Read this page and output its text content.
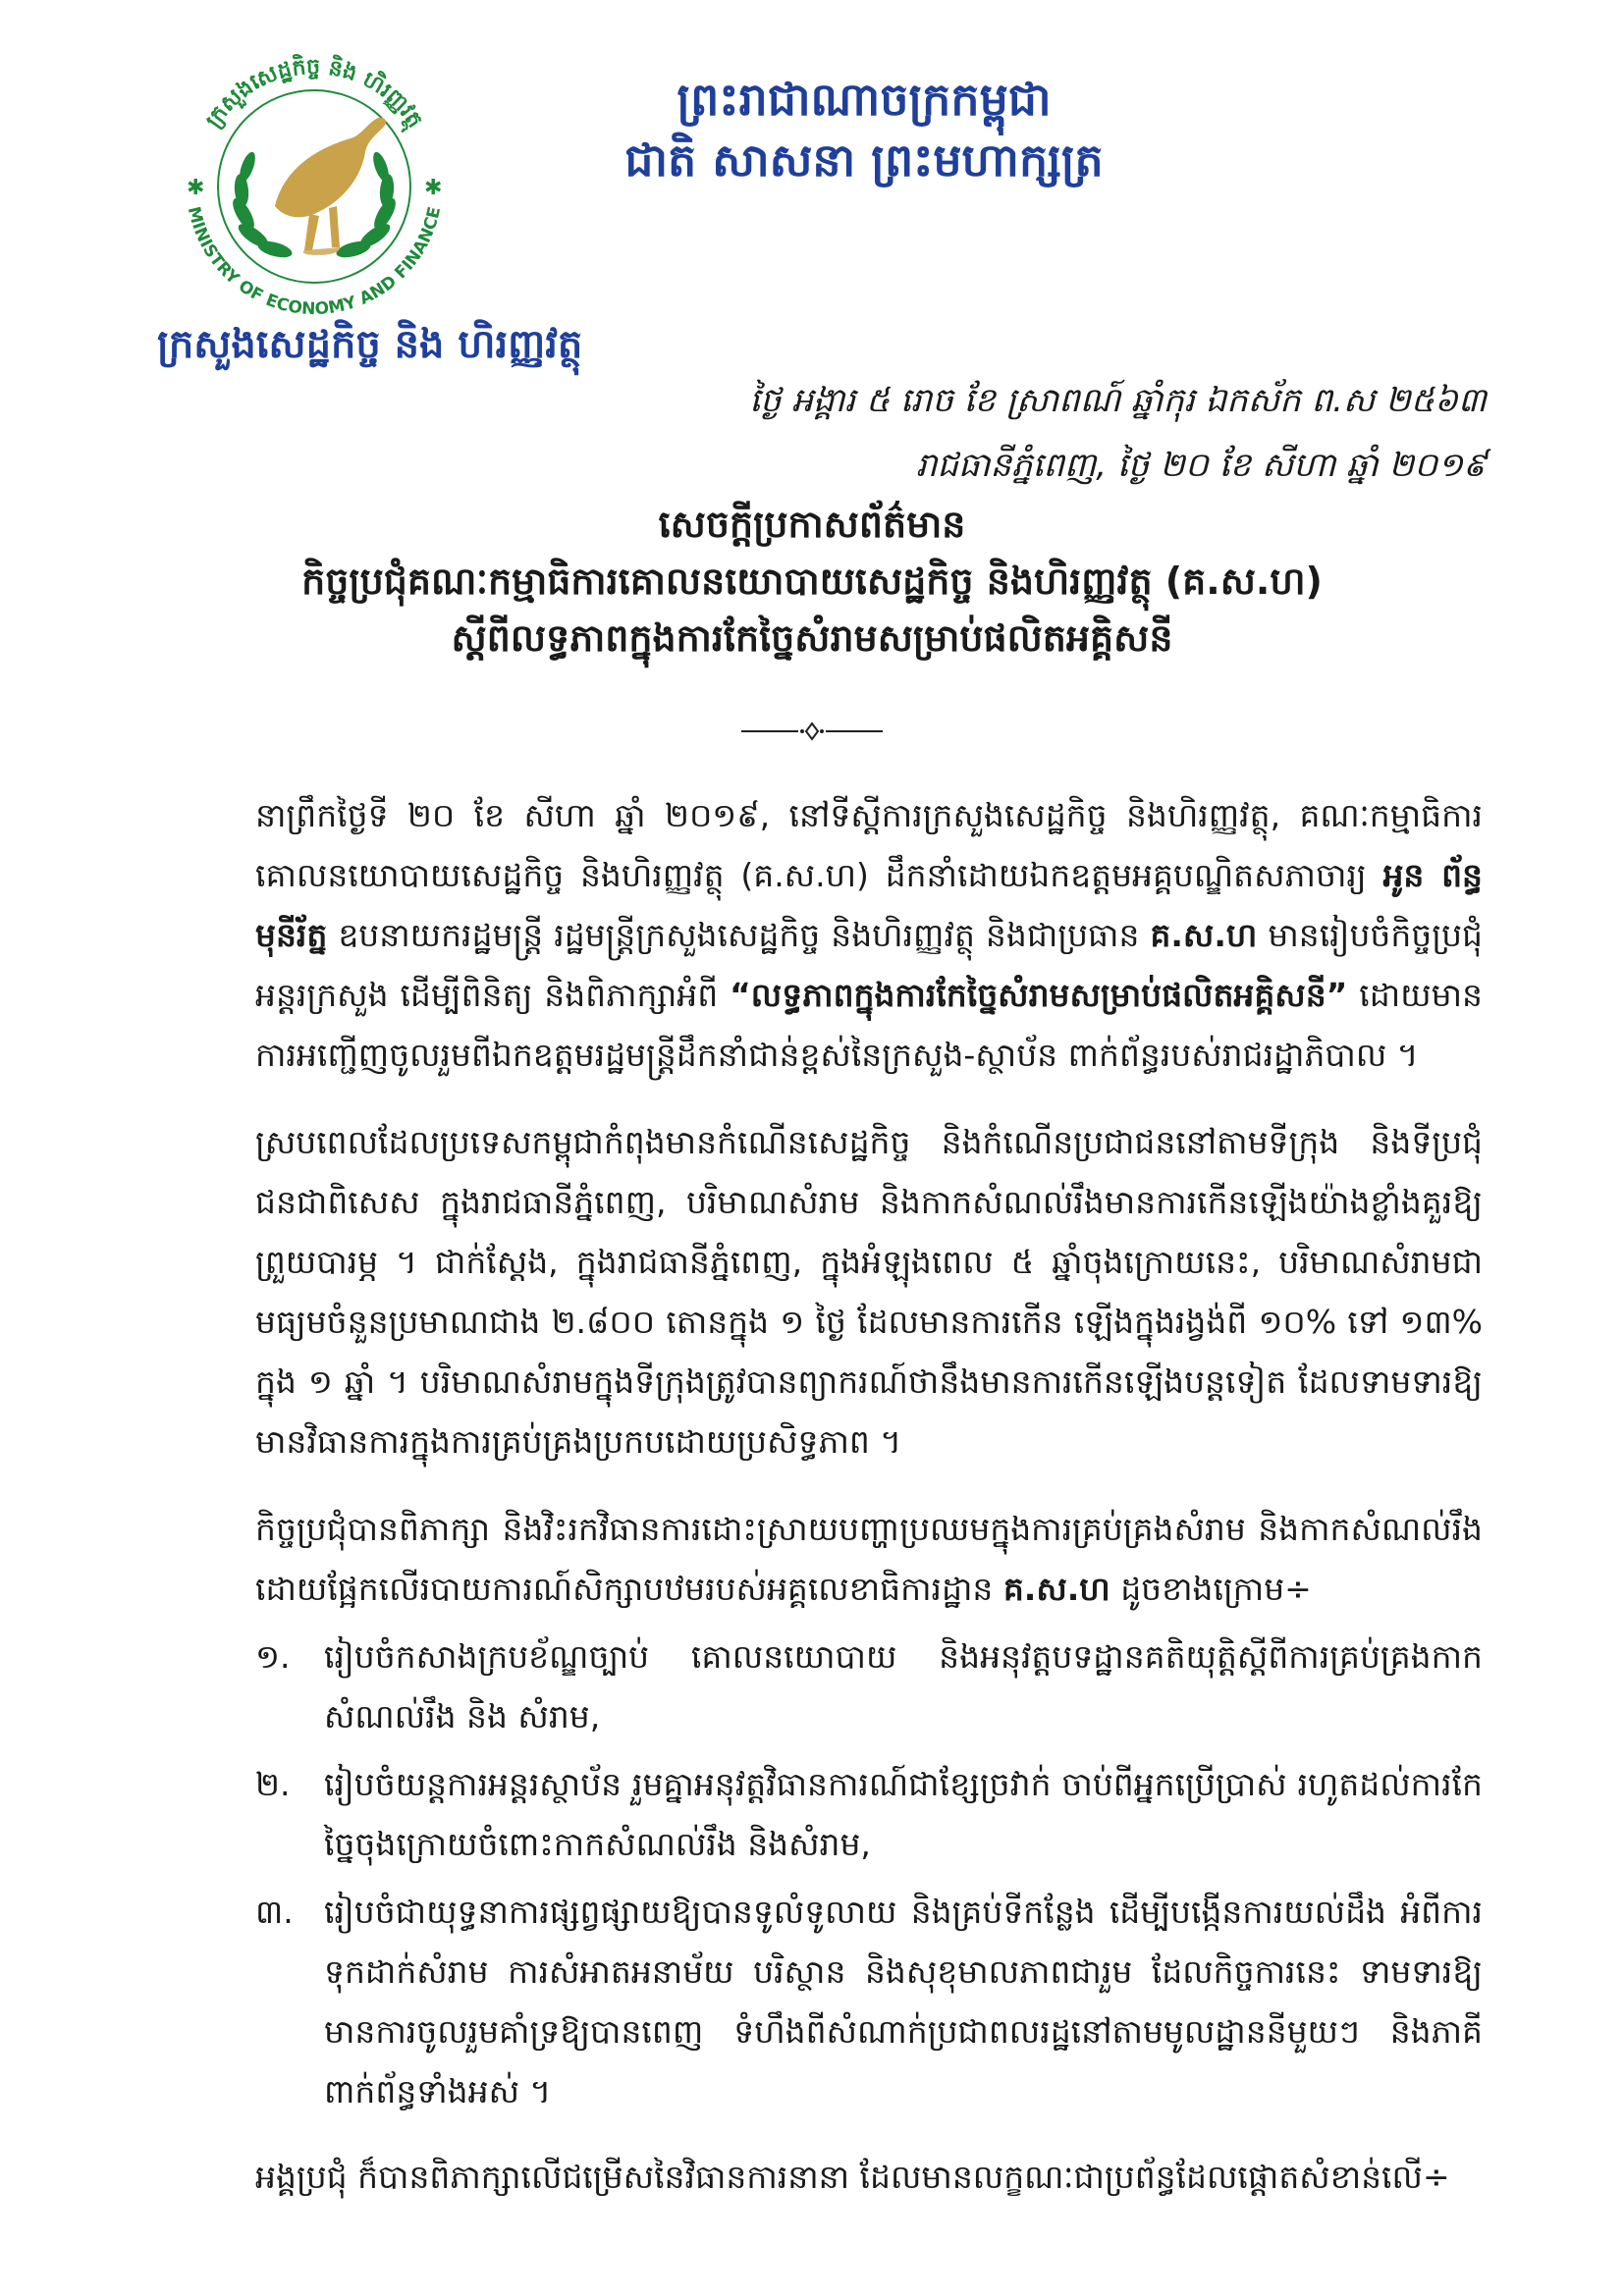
ក្រសួងសេដ្ឋកិច្ច និង ហិរញ្ញវត្ថុ
MINISTRY OF ECONOMY AND FINANCE
✱	✱
ក្រសួងសេដ្ឋកិច្ច និង ហិរញ្ញវត្ថុ
ព្រះរាជាណាចក្រកម្ពុជា
ជាតិ សាសនា ព្រះមហាក្សត្រ
ថ្ងៃ អង្គារ ៥ រោច ខែ ស្រាពណ៍ ឆ្នាំកុរ ឯកស័ក ព.ស ២៥៦៣
រាជធានីភ្នំពេញ, ថ្ងៃ ២០ ខែ សីហា ឆ្នាំ ២០១៩
សេចក្តីប្រកាសព័ត៌មាន
កិច្ចប្រជុំគណៈកម្មាធិការគោលនយោបាយសេដ្ឋកិច្ច និងហិរញ្ញវត្ថុ (គ.ស.ហ)
ស្តីពីលទ្ធភាពក្នុងការកែច្នៃសំរាមសម្រាប់ផលិតអគ្គិសនី

នាព្រឹកថ្ងៃទី ២០ ខែ សីហា ឆ្នាំ ២០១៩, នៅទីស្តីការក្រសួងសេដ្ឋកិច្ច និងហិរញ្ញវត្ថុ, គណៈកម្មាធិការគោលនយោបាយសេដ្ឋកិច្ច និងហិរញ្ញវត្ថុ (គ.ស.ហ) ដឹកនាំដោយឯកឧត្តមអគ្គបណ្ឌិតសភាចារ្យ អូន ព័ន្ធមុនីរ័ត្ន ឧបនាយករដ្ឋមន្ត្រី រដ្ឋមន្ត្រីក្រសួងសេដ្ឋកិច្ច និងហិរញ្ញវត្ថុ និងជាប្រធាន គ.ស.ហ មានរៀបចំកិច្ចប្រជុំអន្តរក្រសួង ដើម្បីពិនិត្យ និងពិភាក្សាអំពី “លទ្ធភាពក្នុងការកែច្នៃសំរាមសម្រាប់ផលិតអគ្គិសនី” ដោយមានការអញ្ជើញចូលរួមពីឯកឧត្តមរដ្ឋមន្ត្រីដឹកនាំជាន់ខ្ពស់នៃក្រសួង-ស្ថាប័ន ពាក់ព័ន្ធរបស់រាជរដ្ឋាភិបាល ។

ស្របពេលដែលប្រទេសកម្ពុជាកំពុងមានកំណើនសេដ្ឋកិច្ច និងកំណើនប្រជាជននៅតាមទីក្រុង និងទីប្រជុំជនជាពិសេស ក្នុងរាជធានីភ្នំពេញ, បរិមាណសំរាម និងកាកសំណល់រឹងមានការកើនឡើងយ៉ាងខ្លាំងគួរឱ្យព្រួយបារម្ភ ។ ជាក់ស្តែង, ក្នុងរាជធានីភ្នំពេញ, ក្នុងអំឡុងពេល ៥ ឆ្នាំចុងក្រោយនេះ, បរិមាណសំរាមជាមធ្យមចំនួនប្រមាណជាង ២.៨០០ តោនក្នុង ១ ថ្ងៃ ដែលមានការកើន ឡើងក្នុងរង្វង់ពី ១០% ទៅ ១៣% ក្នុង ១ ឆ្នាំ ។ បរិមាណសំរាមក្នុងទីក្រុងត្រូវបានព្យាករណ៍ថានឹងមានការកើនឡើងបន្តទៀត ដែលទាមទារឱ្យមានវិធានការក្នុងការគ្រប់គ្រងប្រកបដោយប្រសិទ្ធភាព ។

កិច្ចប្រជុំបានពិភាក្សា និងវិះរកវិធានការដោះស្រាយបញ្ហាប្រឈមក្នុងការគ្រប់គ្រងសំរាម និងកាកសំណល់រឹងដោយផ្អែកលើរបាយការណ៍សិក្សាបឋមរបស់អគ្គលេខាធិការដ្ឋាន គ.ស.ហ ដូចខាងក្រោម÷

១. រៀបចំកសាងក្របខ័ណ្ឌច្បាប់ គោលនយោបាយ និងអនុវត្តបទដ្ឋានគតិយុត្តិស្តីពីការគ្រប់គ្រងកាកសំណល់រឹង និង សំរាម,
២. រៀបចំយន្តការអន្តរស្ថាប័ន រួមគ្នាអនុវត្តវិធានការណ៍ជាខ្សែច្រវាក់ ចាប់ពីអ្នកប្រើប្រាស់ រហូតដល់ការកែច្នៃចុងក្រោយចំពោះកាកសំណល់រឹង និងសំរាម,
៣. រៀបចំជាយុទ្ធនាការផ្សព្វផ្សាយឱ្យបានទូលំទូលាយ និងគ្រប់ទីកន្លែង ដើម្បីបង្កើនការយល់ដឹង អំពីការទុកដាក់សំរាម ការសំអាតអនាម័យ បរិស្ថាន និងសុខុមាលភាពជារួម ដែលកិច្ចការនេះ ទាមទារឱ្យមានការចូលរួមគាំទ្រឱ្យបានពេញ ទំហឹងពីសំណាក់ប្រជាពលរដ្ឋនៅតាមមូលដ្ឋាននីមួយៗ និងភាគីពាក់ព័ន្ធទាំងអស់ ។

អង្គប្រជុំ ក៏បានពិភាក្សាលើជម្រើសនៃវិធានការនានា ដែលមានលក្ខណៈជាប្រព័ន្ធដែលផ្តោតសំខាន់លើ÷
